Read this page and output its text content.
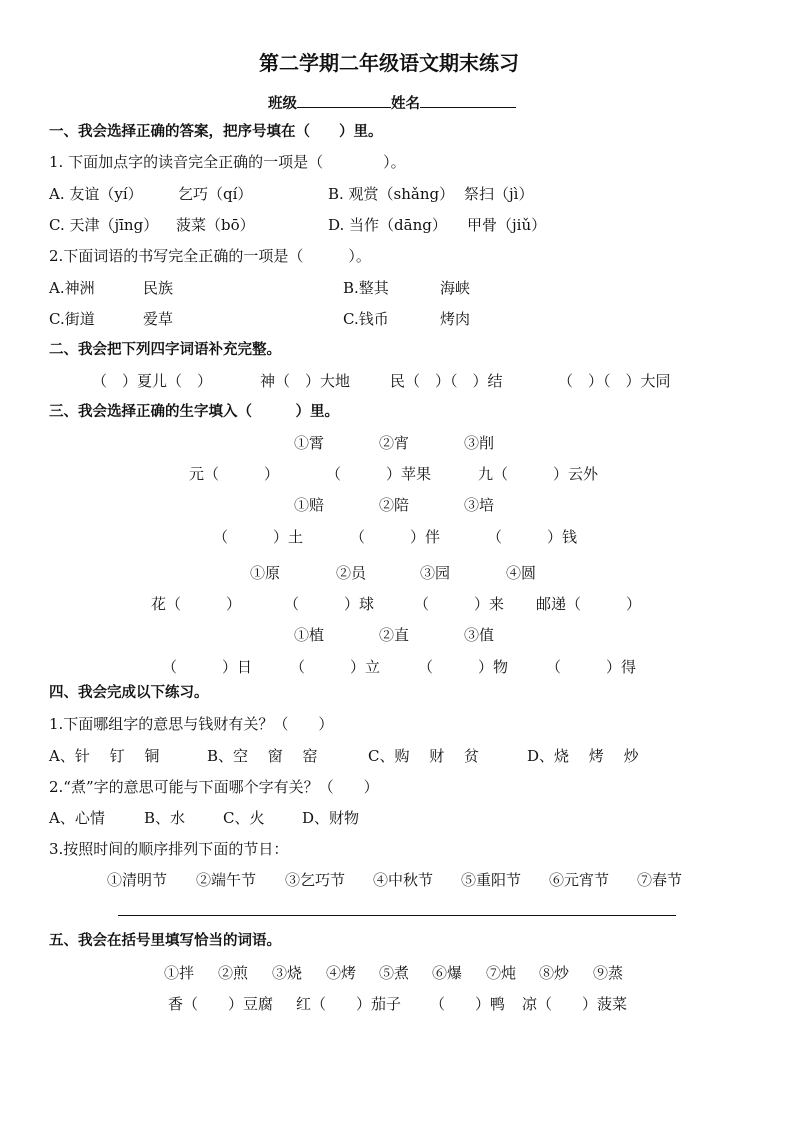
第二学期二年级语文期末练习
班级	姓名
一、我会选择正确的答案，把序号填在（　　）里。
1. 下面加点字的读音完全正确的一项是（　　　　）。
A. 友谊（yí） 乞巧（qí）	B. 观赏（shǎng） 祭扫（jì）
C. 天津（jīng） 菠菜（bō）	D. 当作（dāng） 甲骨（jiǔ）
2.下面词语的书写完全正确的一项是（　　　）。
A.神洲	民族	B.整其	海峡
C.街道	爱草	C.钱币	烤肉
二、我会把下列四字词语补充完整。
（　）夏儿（　）	神（　）大地	民（　）（　）结	（　）（　）大同
三、我会选择正确的生字填入（　　　）里。
①霄	②宵	③削
元（　　　）	（　　　）苹果	九（　　　）云外
①赔	②陪	③培
（　　　）土	（　　　）伴	（　　　）钱
①原	②员	③园	④圆
花（　　　）	（　　　）球	（　　　）来 邮递（　　　）
①植	②直	③值
（　　　）日	（　　　）立	（　　　）物	（　　　）得
四、我会完成以下练习。
1.下面哪组字的意思与钱财有关？（　　）
A、针　 钉　 铜	B、空　 窗　 窑	C、购　 财　 贫	D、烧　 烤　 炒
2.“煮”字的意思可能与下面哪个字有关？（　　）
A、心情	B、水	C、火	D、财物
3.按照时间的顺序排列下面的节日：
①清明节 ②端午节 ③乞巧节 ④中秋节 ⑤重阳节 ⑥元宵节 ⑦春节
五、我会在括号里填写恰当的词语。
①拌 ②煎 ③烧 ④烤 ⑤煮 ⑥爆 ⑦炖 ⑧炒 ⑨蒸
香（　　）豆腐 红（　　）茄子 （　　）鸭 凉（　　）菠菜
